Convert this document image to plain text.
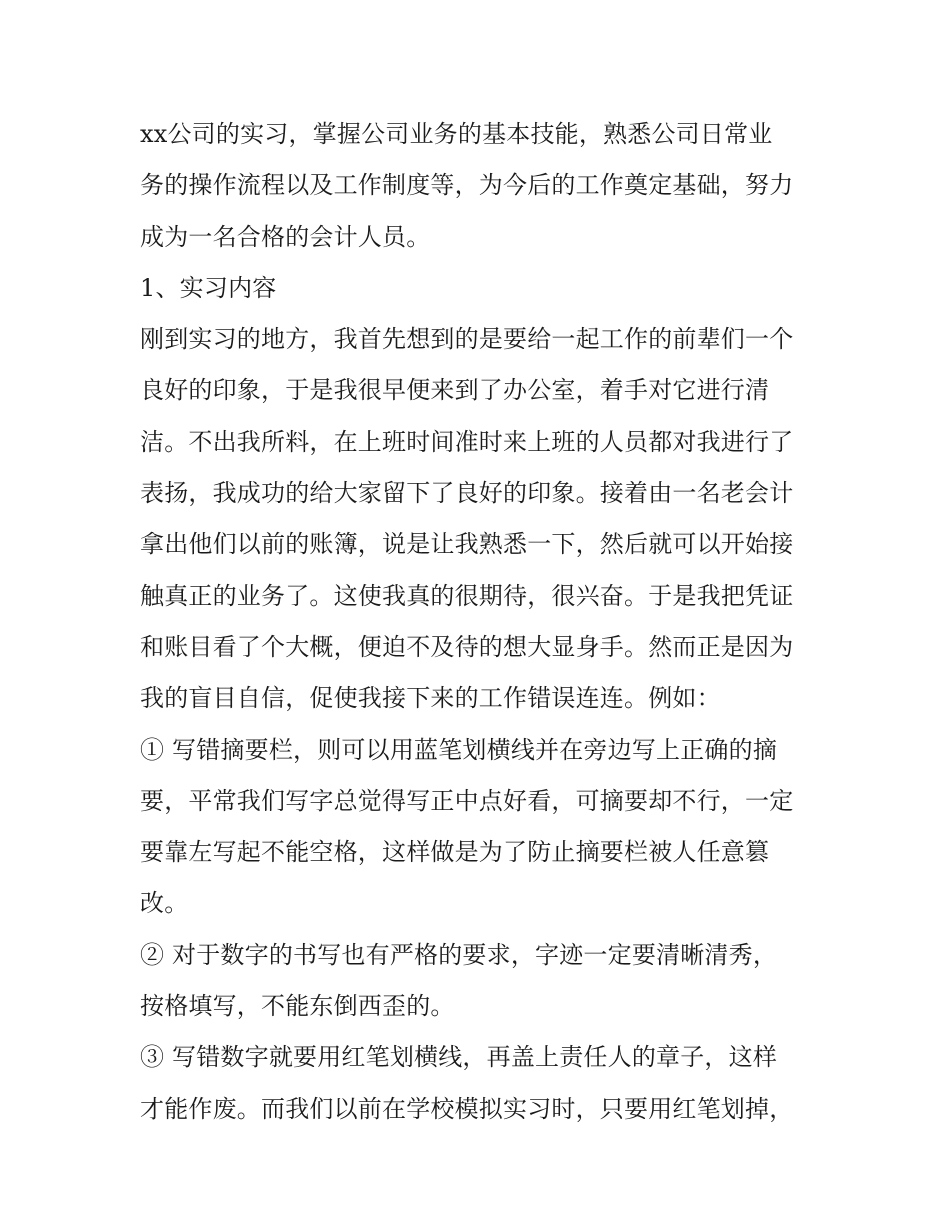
xx公司的实习，掌握公司业务的基本技能，熟悉公司日常业

务的操作流程以及工作制度等，为今后的工作奠定基础，努力

成为一名合格的会计人员。

1、实习内容

刚到实习的地方，我首先想到的是要给一起工作的前辈们一个

良好的印象，于是我很早便来到了办公室，着手对它进行清

洁。不出我所料，在上班时间准时来上班的人员都对我进行了

表扬，我成功的给大家留下了良好的印象。接着由一名老会计

拿出他们以前的账簿，说是让我熟悉一下，然后就可以开始接

触真正的业务了。这使我真的很期待，很兴奋。于是我把凭证

和账目看了个大概，便迫不及待的想大显身手。然而正是因为

我的盲目自信，促使我接下来的工作错误连连。例如：

① 写错摘要栏，则可以用蓝笔划横线并在旁边写上正确的摘

要，平常我们写字总觉得写正中点好看，可摘要却不行，一定

要靠左写起不能空格，这样做是为了防止摘要栏被人任意篡

改。

② 对于数字的书写也有严格的要求，字迹一定要清晰清秀，

按格填写，不能东倒西歪的。

③ 写错数字就要用红笔划横线，再盖上责任人的章子，这样

才能作废。而我们以前在学校模拟实习时，只要用红笔划掉，
